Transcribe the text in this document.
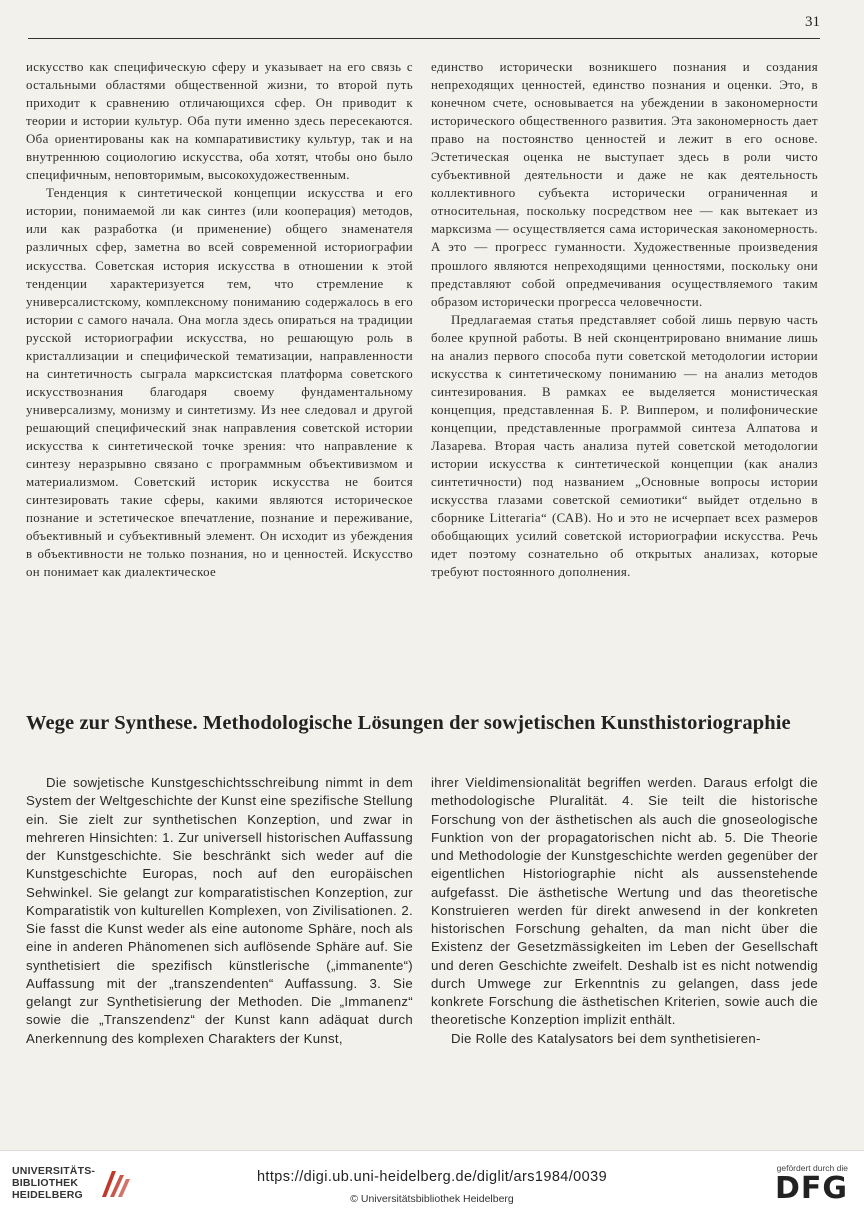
31

искусство как специфическую сферу и указывает на его связь с остальными областями общественной жизни, то второй путь приходит к сравнению отличающихся сфер. Он приводит к теории и истории культур. Оба пути именно здесь пересекаются. Оба ориентированы как на компаративистику культур, так и на внутреннюю социологию искусства, оба хотят, чтобы оно было специфичным, неповторимым, высокохудожественным.

Тенденция к синтетической концепции искусства и его истории, понимаемой ли как синтез (или кооперация) методов, или как разработка (и применение) общего знаменателя различных сфер, заметна во всей современной историографии искусства. Советская история искусства в отношении к этой тенденции характеризуется тем, что стремление к универсалистскому, комплексному пониманию содержалось в его истории с самого начала. Она могла здесь опираться на традиции русской историографии искусства, но решающую роль в кристаллизации и специфической тематизации, направленности на синтетичность сыграла марксистская платформа советского искусствознания благодаря своему фундаментальному универсализму, монизму и синтетизму. Из нее следовал и другой решающий специфический знак направления советской истории искусства к синтетической точке зрения: что направление к синтезу неразрывно связано с программным объективизмом и материализмом. Советский историк искусства не боится синтезировать такие сферы, какими являются историческое познание и эстетическое впечатление, познание и переживание, объективный и субъективный элемент. Он исходит из убеждения в объективности не только познания, но и ценностей. Искусство он понимает как диалектическое

единство исторически возникшего познания и создания непреходящих ценностей, единство познания и оценки. Это, в конечном счете, основывается на убеждении в закономерности исторического общественного развития. Эта закономерность дает право на постоянство ценностей и лежит в его основе. Эстетическая оценка не выступает здесь в роли чисто субъективной деятельности и даже не как деятельность коллективного субъекта исторически ограниченная и относительная, поскольку посредством нее — как вытекает из марксизма — осуществляется сама историческая закономерность. А это — прогресс гуманности. Художественные произведения прошлого являются непреходящими ценностями, поскольку они представляют собой опредмечивания осуществляемого таким образом исторически прогресса человечности.

Предлагаемая статья представляет собой лишь первую часть более крупной работы. В ней сконцентрировано внимание лишь на анализ первого способа пути советской методологии истории искусства к синтетическому пониманию — на анализ методов синтезирования. В рамках ее выделяется монистическая концепция, представленная Б. Р. Виппером, и полифонические концепции, представленные программой синтеза Алпатова и Лазарева. Вторая часть анализа путей советской методологии истории искусства к синтетической концепции (как анализ синтетичности) под названием „Основные вопросы истории искусства глазами советской семиотики“ выйдет отдельно в сборнике Litteraria“ (САВ). Но и это не исчерпает всех размеров обобщающих усилий советской историографии искусства. Речь идет поэтому сознательно об открытых анализах, которые требуют постоянного дополнения.

Wege zur Synthese. Methodologische Lösungen der sowjetischen Kunsthistoriographie

Die sowjetische Kunstgeschichtsschreibung nimmt in dem System der Weltgeschichte der Kunst eine spezifische Stellung ein. Sie zielt zur synthetischen Konzeption, und zwar in mehreren Hinsichten: 1. Zur universell historischen Auffassung der Kunstgeschichte. Sie beschränkt sich weder auf die Kunstgeschichte Europas, noch auf den europäischen Sehwinkel. Sie gelangt zur komparatistischen Konzeption, zur Komparatistik von kulturellen Komplexen, von Zivilisationen. 2. Sie fasst die Kunst weder als eine autonome Sphäre, noch als eine in anderen Phänomenen sich auflösende Sphäre auf. Sie synthetisiert die spezifisch künstlerische („immanente“) Auffassung mit der „transzendenten“ Auffassung. 3. Sie gelangt zur Synthetisierung der Methoden. Die „Immanenz“ sowie die „Transzendenz“ der Kunst kann adäquat durch Anerkennung des komplexen Charakters der Kunst,

ihrer Vieldimensionalität begriffen werden. Daraus erfolgt die methodologische Pluralität. 4. Sie teilt die historische Forschung von der ästhetischen als auch die gnoseologische Funktion von der propagatorischen nicht ab. 5. Die Theorie und Methodologie der Kunstgeschichte werden gegenüber der eigentlichen Historiographie nicht als aussenstehende aufgefasst. Die ästhetische Wertung und das theoretische Konstruieren werden für direkt anwesend in der konkreten historischen Forschung gehalten, da man nicht über die Existenz der Gesetzmässigkeiten im Leben der Gesellschaft und deren Geschichte zweifelt. Deshalb ist es nicht notwendig durch Umwege zur Erkenntnis zu gelangen, dass jede konkrete Forschung die ästhetischen Kriterien, sowie auch die theoretische Konzeption implizit enthält.

Die Rolle des Katalysators bei dem synthetisieren-

UNIVERSITÄTS-
BIBLIOTHEK
HEIDELBERG
https://digi.ub.uni-heidelberg.de/diglit/ars1984/0039
© Universitätsbibliothek Heidelberg
gefördert durch die
DFG
